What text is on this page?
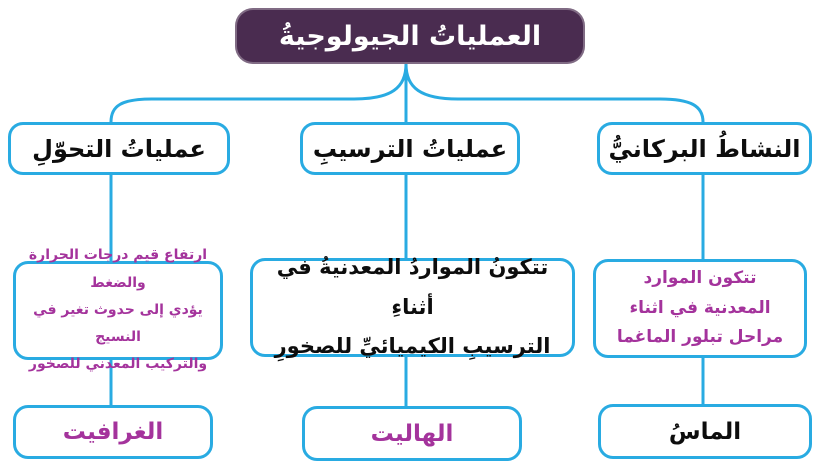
العملياتُ الجيولوجيةُ
النشاطُ البركانيُّ
تتكون الموارد
المعدنية في اثناء
مراحل تبلور الماغما
الماسُ
عملياتُ الترسيبِ
تتكونُ المواردُ المعدنيةُ في أثناءِ
الترسيبِ الكيميائيِّ للصخورِ
الهاليت
عملياتُ التحوّلِ
ارتفاع قيم درجات الحرارة والضغط
يؤدي إلى حدوث تغير في النسيج
والتركيب المعدني للصخور
الغرافيت
